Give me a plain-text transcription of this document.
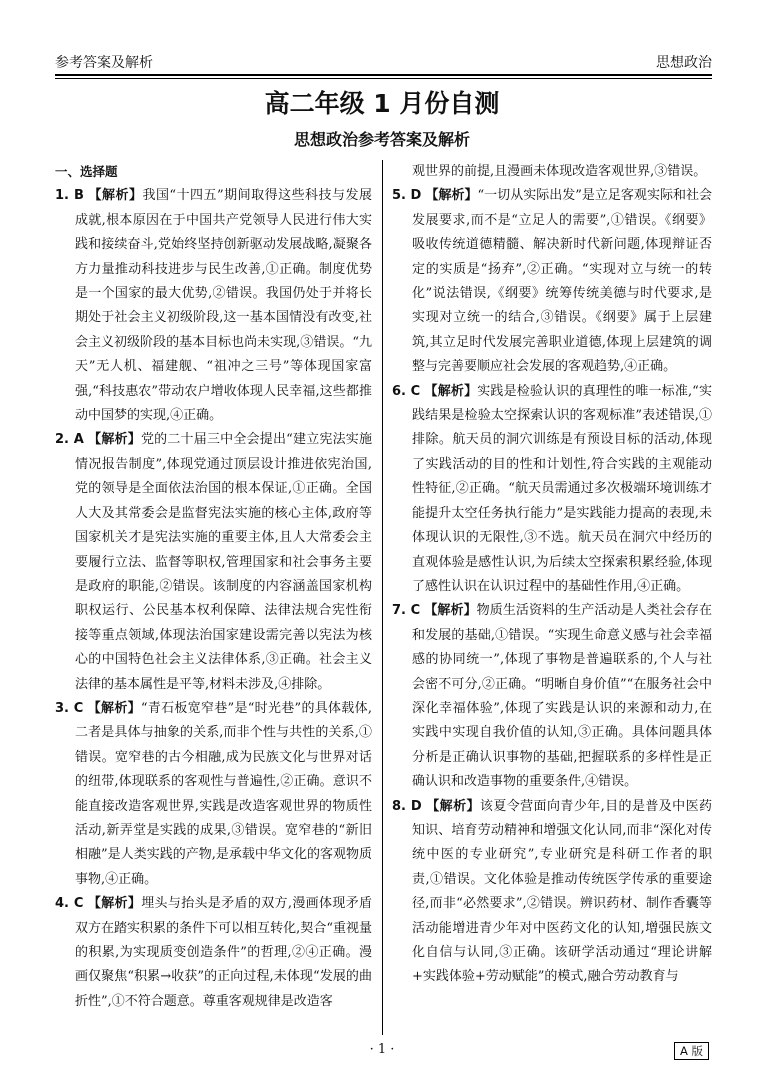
参考答案及解析	思想政治
高二年级 1 月份自测
思想政治参考答案及解析
一、选择题

1. B 【解析】我国“十四五”期间取得这些科技与发展成就,根本原因在于中国共产党领导人民进行伟大实践和接续奋斗,党始终坚持创新驱动发展战略,凝聚各方力量推动科技进步与民生改善,①正确。制度优势是一个国家的最大优势,②错误。我国仍处于并将长期处于社会主义初级阶段,这一基本国情没有改变,社会主义初级阶段的基本目标也尚未实现,③错误。“九天”无人机、福建舰、“祖冲之三号”等体现国家富强,“科技惠农”带动农户增收体现人民幸福,这些都推动中国梦的实现,④正确。

2. A 【解析】党的二十届三中全会提出“建立宪法实施情况报告制度”,体现党通过顶层设计推进依宪治国,党的领导是全面依法治国的根本保证,①正确。全国人大及其常委会是监督宪法实施的核心主体,政府等国家机关才是宪法实施的重要主体,且人大常委会主要履行立法、监督等职权,管理国家和社会事务主要是政府的职能,②错误。该制度的内容涵盖国家机构职权运行、公民基本权利保障、法律法规合宪性衔接等重点领域,体现法治国家建设需完善以宪法为核心的中国特色社会主义法律体系,③正确。社会主义法律的基本属性是平等,材料未涉及,④排除。

3. C 【解析】“青石板宽窄巷”是“时光巷”的具体载体,二者是具体与抽象的关系,而非个性与共性的关系,①错误。宽窄巷的古今相融,成为民族文化与世界对话的纽带,体现联系的客观性与普遍性,②正确。意识不能直接改造客观世界,实践是改造客观世界的物质性活动,新弄堂是实践的成果,③错误。宽窄巷的“新旧相融”是人类实践的产物,是承载中华文化的客观物质事物,④正确。

4. C 【解析】埋头与抬头是矛盾的双方,漫画体现矛盾双方在踏实积累的条件下可以相互转化,契合“重视量的积累,为实现质变创造条件”的哲理,②④正确。漫画仅聚焦“积累→收获”的正向过程,未体现“发展的曲折性”,①不符合题意。尊重客观规律是改造客

观世界的前提,且漫画未体现改造客观世界,③错误。

5. D 【解析】“一切从实际出发”是立足客观实际和社会发展要求,而不是“立足人的需要”,①错误。《纲要》吸收传统道德精髓、解决新时代新问题,体现辩证否定的实质是“扬弃”,②正确。“实现对立与统一的转化”说法错误,《纲要》统筹传统美德与时代要求,是实现对立统一的结合,③错误。《纲要》属于上层建筑,其立足时代发展完善职业道德,体现上层建筑的调整与完善要顺应社会发展的客观趋势,④正确。

6. C 【解析】实践是检验认识的真理性的唯一标准,“实践结果是检验太空探索认识的客观标准”表述错误,①排除。航天员的洞穴训练是有预设目标的活动,体现了实践活动的目的性和计划性,符合实践的主观能动性特征,②正确。“航天员需通过多次极端环境训练才能提升太空任务执行能力”是实践能力提高的表现,未体现认识的无限性,③不选。航天员在洞穴中经历的直观体验是感性认识,为后续太空探索积累经验,体现了感性认识在认识过程中的基础性作用,④正确。

7. C 【解析】物质生活资料的生产活动是人类社会存在和发展的基础,①错误。“实现生命意义感与社会幸福感的协同统一”,体现了事物是普遍联系的,个人与社会密不可分,②正确。“明晰自身价值”“在服务社会中深化幸福体验”,体现了实践是认识的来源和动力,在实践中实现自我价值的认知,③正确。具体问题具体分析是正确认识事物的基础,把握联系的多样性是正确认识和改造事物的重要条件,④错误。

8. D 【解析】该夏令营面向青少年,目的是普及中医药知识、培育劳动精神和增强文化认同,而非“深化对传统中医的专业研究”,专业研究是科研工作者的职责,①错误。文化体验是推动传统医学传承的重要途径,而非“必然要求”,②错误。辨识药材、制作香囊等活动能增进青少年对中医药文化的认知,增强民族文化自信与认同,③正确。该研学活动通过“理论讲解+实践体验+劳动赋能”的模式,融合劳动教育与

· 1 ·	A 版
